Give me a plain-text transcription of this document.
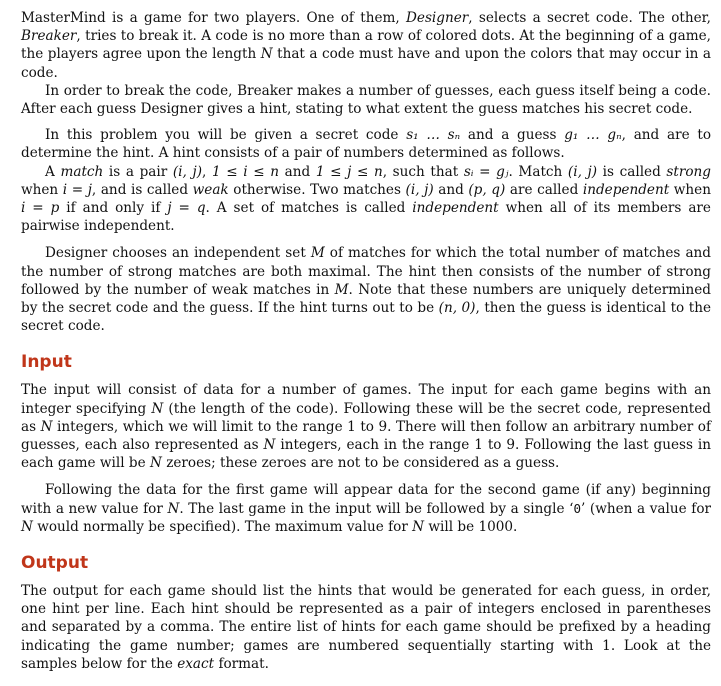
MasterMind is a game for two players. One of them, Designer, selects a secret code. The other, Breaker, tries to break it. A code is no more than a row of colored dots. At the beginning of a game, the players agree upon the length N that a code must have and upon the colors that may occur in a code.

In order to break the code, Breaker makes a number of guesses, each guess itself being a code. After each guess Designer gives a hint, stating to what extent the guess matches his secret code.

In this problem you will be given a secret code s₁ … sₙ and a guess g₁ … gₙ, and are to determine the hint. A hint consists of a pair of numbers determined as follows.

A match is a pair (i, j), 1 ≤ i ≤ n and 1 ≤ j ≤ n, such that sᵢ = gⱼ. Match (i, j) is called strong when i = j, and is called weak otherwise. Two matches (i, j) and (p, q) are called independent when i = p if and only if j = q. A set of matches is called independent when all of its members are pairwise independent.

Designer chooses an independent set M of matches for which the total number of matches and the number of strong matches are both maximal. The hint then consists of the number of strong followed by the number of weak matches in M. Note that these numbers are uniquely determined by the secret code and the guess. If the hint turns out to be (n, 0), then the guess is identical to the secret code.

Input

The input will consist of data for a number of games. The input for each game begins with an integer specifying N (the length of the code). Following these will be the secret code, represented as N integers, which we will limit to the range 1 to 9. There will then follow an arbitrary number of guesses, each also represented as N integers, each in the range 1 to 9. Following the last guess in each game will be N zeroes; these zeroes are not to be considered as a guess.

Following the data for the first game will appear data for the second game (if any) beginning with a new value for N. The last game in the input will be followed by a single ‘0’ (when a value for N would normally be specified). The maximum value for N will be 1000.

Output

The output for each game should list the hints that would be generated for each guess, in order, one hint per line. Each hint should be represented as a pair of integers enclosed in parentheses and separated by a comma. The entire list of hints for each game should be prefixed by a heading indicating the game number; games are numbered sequentially starting with 1. Look at the samples below for the exact format.
